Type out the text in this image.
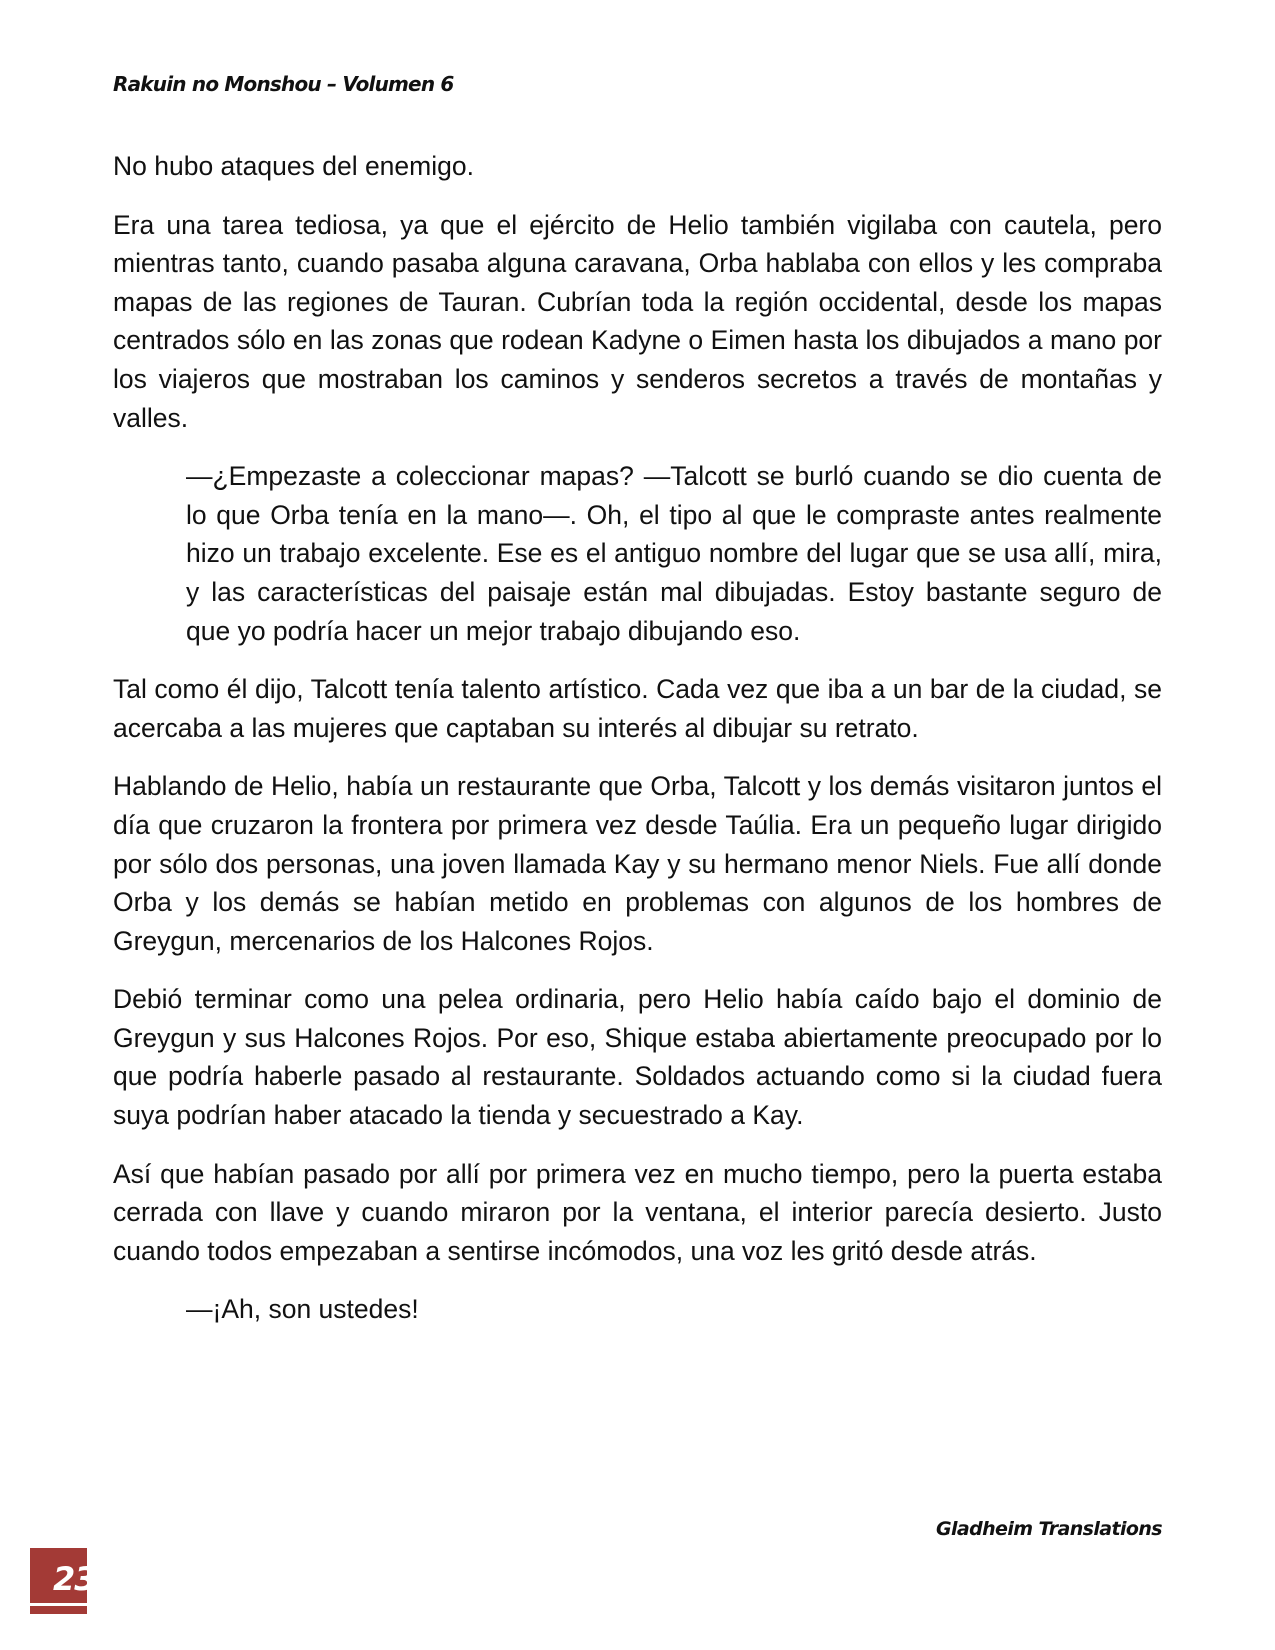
Rakuin no Monshou – Volumen 6

No hubo ataques del enemigo.

Era una tarea tediosa, ya que el ejército de Helio también vigilaba con cautela, pero mientras tanto, cuando pasaba alguna caravana, Orba hablaba con ellos y les compraba mapas de las regiones de Tauran. Cubrían toda la región occidental, desde los mapas centrados sólo en las zonas que rodean Kadyne o Eimen hasta los dibujados a mano por los viajeros que mostraban los caminos y senderos secretos a través de montañas y valles.

—¿Empezaste a coleccionar mapas? —Talcott se burló cuando se dio cuenta de lo que Orba tenía en la mano—. Oh, el tipo al que le compraste antes realmente hizo un trabajo excelente. Ese es el antiguo nombre del lugar que se usa allí, mira, y las características del paisaje están mal dibujadas. Estoy bastante seguro de que yo podría hacer un mejor trabajo dibujando eso.

Tal como él dijo, Talcott tenía talento artístico. Cada vez que iba a un bar de la ciudad, se acercaba a las mujeres que captaban su interés al dibujar su retrato.

Hablando de Helio, había un restaurante que Orba, Talcott y los demás visitaron juntos el día que cruzaron la frontera por primera vez desde Taúlia. Era un pequeño lugar dirigido por sólo dos personas, una joven llamada Kay y su hermano menor Niels. Fue allí donde Orba y los demás se habían metido en problemas con algunos de los hombres de Greygun, mercenarios de los Halcones Rojos.

Debió terminar como una pelea ordinaria, pero Helio había caído bajo el dominio de Greygun y sus Halcones Rojos. Por eso, Shique estaba abiertamente preocupado por lo que podría haberle pasado al restaurante. Soldados actuando como si la ciudad fuera suya podrían haber atacado la tienda y secuestrado a Kay.

Así que habían pasado por allí por primera vez en mucho tiempo, pero la puerta estaba cerrada con llave y cuando miraron por la ventana, el interior parecía desierto. Justo cuando todos empezaban a sentirse incómodos, una voz les gritó desde atrás.

—¡Ah, son ustedes!

Gladheim Translations
23
